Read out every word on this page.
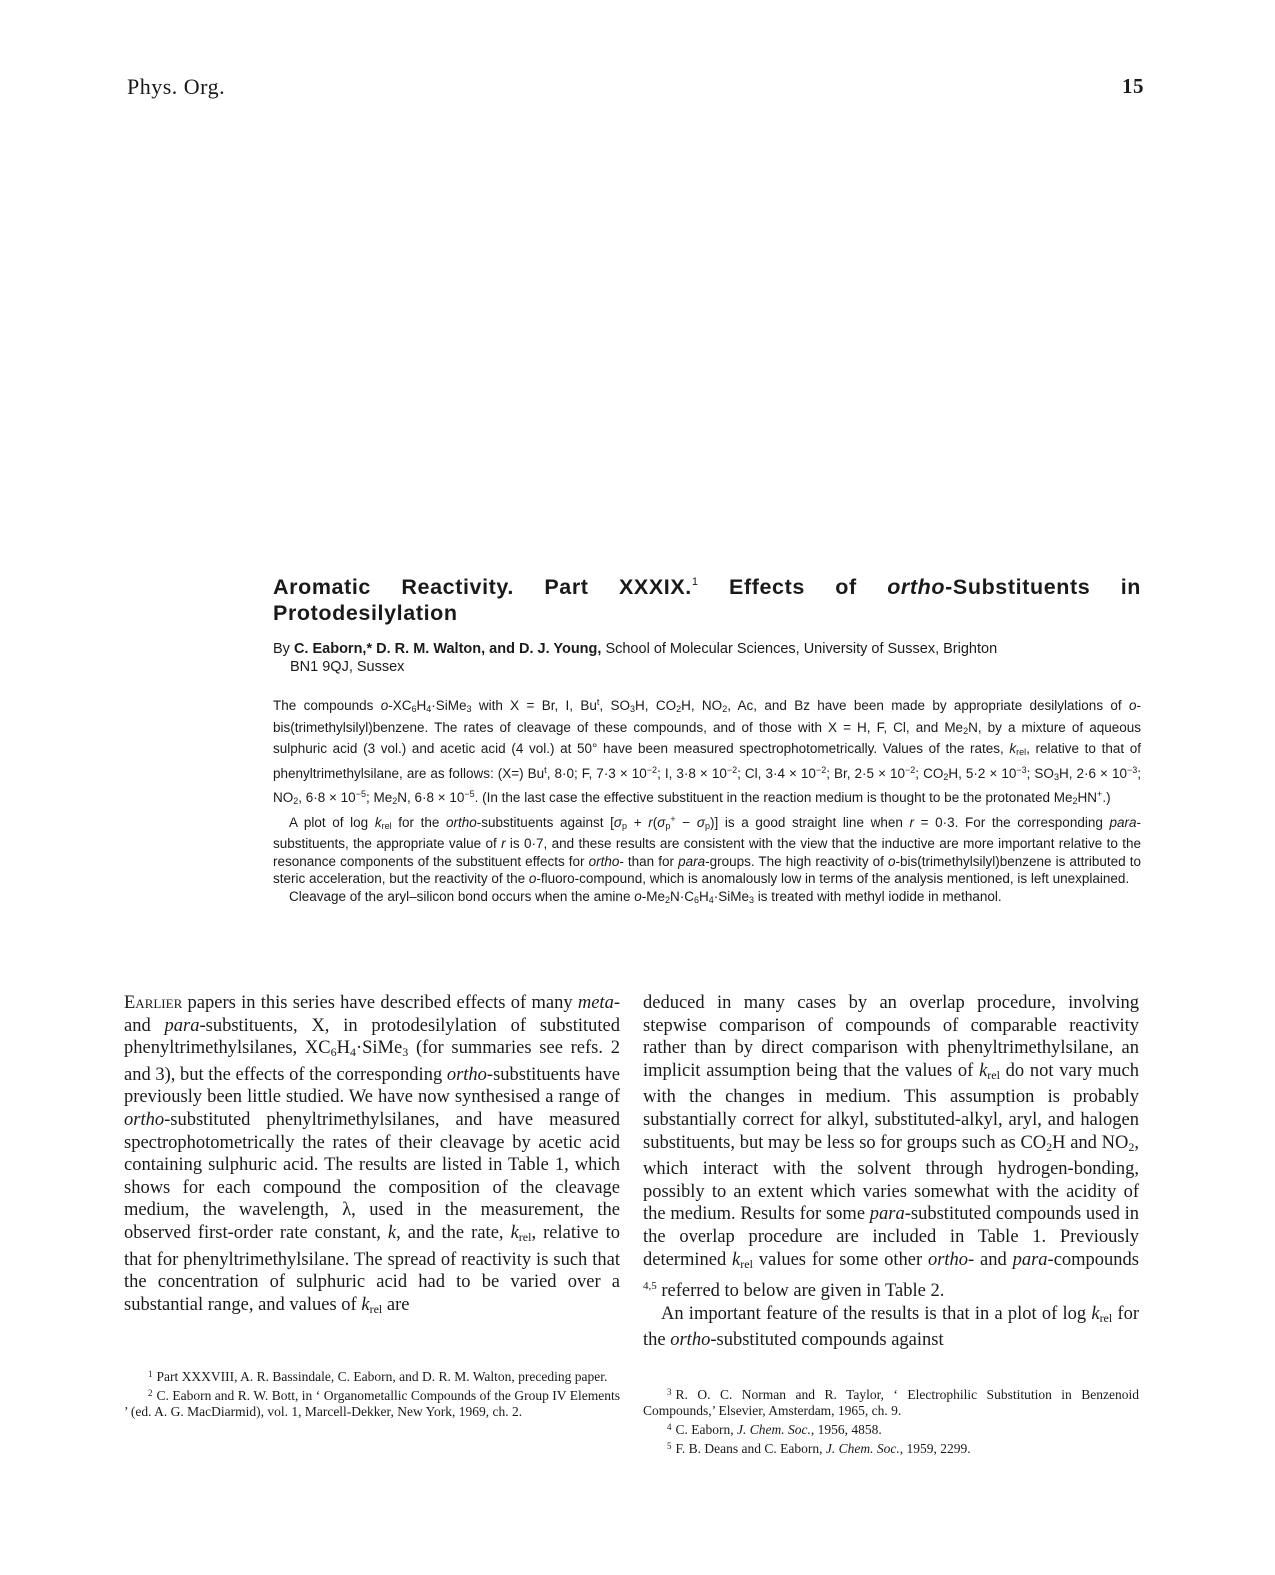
Phys. Org.	15
Aromatic Reactivity. Part XXXIX.$^1$ Effects of ortho-Substituents in Protodesilylation
By C. Eaborn,* D. R. M. Walton, and D. J. Young, School of Molecular Sciences, University of Sussex, Brighton
BN1 9QJ, Sussex

The compounds $o-XC_6H_4\cdot SiMe_3$ with X = Br, I, Bu$^t$, $SO_3H$, $CO_2H$, $NO_2$, Ac, and Bz have been made by appropriate desilylations of o-bis(trimethylsilyl)benzene. The rates of cleavage of these compounds, and of those with X = H, F, Cl, and $Me_2N$, by a mixture of aqueous sulphuric acid (3 vol.) and acetic acid (4 vol.) at 50° have been measured spectrophotometrically. Values of the rates, $k_{rel}$, relative to that of phenyltrimethylsilane, are as follows: (X=) Bu$^t$, 8·0; F, $7\cdot 3 \times 10^{-2}$; I, $3\cdot 8 \times 10^{-2}$; Cl, $3\cdot 4 \times 10^{-2}$; Br, $2\cdot 5 \times 10^{-2}$; $CO_2H$, $5\cdot 2 \times 10^{-3}$; $SO_3H$, $2\cdot 6 \times 10^{-3}$; $NO_2$, $6\cdot 8 \times 10^{-5}$; $Me_2N$, $6\cdot 8 \times 10^{-5}$. (In the last case the effective substituent in the reaction medium is thought to be the protonated $Me_2HN^+$.)

A plot of $\log k_{rel}$ for the ortho-substituents against $[\sigma_p + r(\sigma_p^+ - \sigma_p)]$ is a good straight line when r = 0·3. For the corresponding para-substituents, the appropriate value of r is 0·7, and these results are consistent with the view that the inductive are more important relative to the resonance components of the substituent effects for ortho- than for para-groups. The high reactivity of o-bis(trimethylsilyl)benzene is attributed to steric acceleration, but the reactivity of the o-fluoro-compound, which is anomalously low in terms of the analysis mentioned, is left unexplained.

Cleavage of the aryl–silicon bond occurs when the amine $o-Me_2N\cdot C_6H_4\cdot SiMe_3$ is treated with methyl iodide in methanol.

Earlier papers in this series have described effects of many meta- and para-substituents, X, in protodesilylation of substituted phenyltrimethylsilanes, $XC_6H_4\cdot SiMe_3$ (for summaries see refs. 2 and 3), but the effects of the corresponding ortho-substituents have previously been little studied. We have now synthesised a range of ortho-substituted phenyltrimethylsilanes, and have measured spectrophotometrically the rates of their cleavage by acetic acid containing sulphuric acid. The results are listed in Table 1, which shows for each compound the composition of the cleavage medium, the wavelength, λ, used in the measurement, the observed first-order rate constant, k, and the rate, $k_{rel}$, relative to that for phenyltrimethylsilane. The spread of reactivity is such that the concentration of sulphuric acid had to be varied over a substantial range, and values of $k_{rel}$ are

deduced in many cases by an overlap procedure, involving stepwise comparison of compounds of comparable reactivity rather than by direct comparison with phenyltrimethylsilane, an implicit assumption being that the values of $k_{rel}$ do not vary much with the changes in medium. This assumption is probably substantially correct for alkyl, substituted-alkyl, aryl, and halogen substituents, but may be less so for groups such as $CO_2H$ and $NO_2$, which interact with the solvent through hydrogen-bonding, possibly to an extent which varies somewhat with the acidity of the medium. Results for some para-substituted compounds used in the overlap procedure are included in Table 1. Previously determined $k_{rel}$ values for some other ortho- and para-compounds $^{4,5}$ referred to below are given in Table 2.

An important feature of the results is that in a plot of $\log k_{rel}$ for the ortho-substituted compounds against

$^1$ Part XXXVIII, A. R. Bassindale, C. Eaborn, and D. R. M. Walton, preceding paper.

$^2$ C. Eaborn and R. W. Bott, in ‘ Organometallic Compounds of the Group IV Elements ’ (ed. A. G. MacDiarmid), vol. 1, Marcell-Dekker, New York, 1969, ch. 2.

$^3$ R. O. C. Norman and R. Taylor, ‘ Electrophilic Substitution in Benzenoid Compounds,’ Elsevier, Amsterdam, 1965, ch. 9.

$^4$ C. Eaborn, J. Chem. Soc., 1956, 4858.

$^5$ F. B. Deans and C. Eaborn, J. Chem. Soc., 1959, 2299.
